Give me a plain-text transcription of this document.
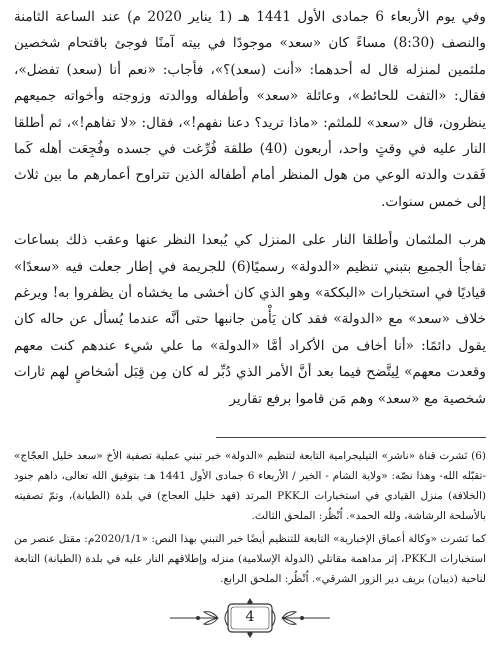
وفي يوم الأربعاء 6 جمادى الأول 1441 هـ (1 يناير 2020 م) عند الساعة الثامنة والنصف (8:30) مساءً كان «سعد» موجودًا في بيته آمنًا فوجئ باقتحام شخصين ملثمين لمنزله قال له أحدهما: «أنت (سعد)؟»، فأجاب: «نعم أنا (سعد) تفضل»، فقال: «التفت للحائط»، وعائلة «سعد» وأطفاله ووالدته وزوجته وأخواته جميعهم ينظرون، قال «سعد» للملثم: «ماذا تريد؟ دعنا نفهم!»، فقال: «لا تفاهم!»، ثم أطلقا النار عليه في وقتٍ واحد، أربعون (40) طلقة فُرِّغت في جسده وفُجِعَت أهله كَما فَقدت والدته الوعي من هول المنظر أمام أطفاله الذين تتراوح أعمارهم ما بين ثلاث إلى خمس سنوات.

هرب الملثمان وأطلقا النار على المنزل كي يُبعدا النظر عنها وعقب ذلك بساعات تفاجأ الجميع بتبني تنظيم «الدولة» رسميًا(6) للجريمة في إطار جعلت فيه «سعدًا» قياديًا في استخبارات «البككة» وهو الذي كان أخشى ما يخشاه أن يظفروا به! ويرغم خلاف «سعد» مع «الدولة» فقد كان يَأْمن جانبها حتى أنَّه عندما يُسأل عن حاله كان يقول دائمًا: «أنا أخاف من الأكراد أمَّا «الدولة» ما علي شيء عندهم كنت معهم وقعدت معهم» لِيتَّضح فيما بعد أنَّ الأمر الذي دُبِّر له كان مِن قِبَل أشخاصٍ لهم ثارات شخصية مع «سعد» وهم مَن قاموا برفع تقارير

(6) نَشرت قناة «ناشر» التيليجرامية التابعة لتنظيم «الدولة» خبر تبني عملية تصفية الأخ «سعد خليل العجّاج» -تقبّله الله- وهذا نصّه: «ولاية الشام - الخير / الأربعاء 6 جمادى الأول 1441 هـ: بتوفيق الله تعالى، داهم جنود (الخلافة) منزل القيادي في استخبارات الـPKK المرتد (فهد خليل العجاج) في بلدة (الطيانة)، وتمّ تصفيته بالأسلحة الرشاشة، ولله الحمد». اُنْظُر: الملحق الثالث.

كما نَشرت «وكالة أعماق الإخبارية» التابعة للتنظيم أيضًا خبر التبني بهذا النص: «2020/1/1م: مقتل عنصر من استخبارات الـPKK، إثر مداهمة مقاتلي (الدولة الإسلامية) منزله وإطلاقهم النار عليه في بلدة (الطيانة) التابعة لناحية (ذيبان) بريف دير الزور الشرقي». اُنْظُر: الملحق الرابع.

4
